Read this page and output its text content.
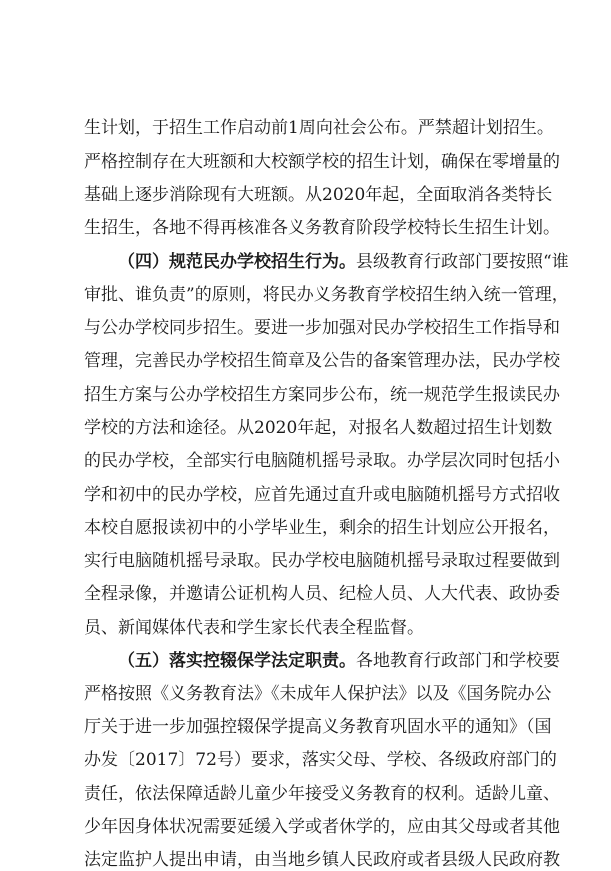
生计划，于招生工作启动前1周向社会公布。严禁超计划招生。
严格控制存在大班额和大校额学校的招生计划，确保在零增量的
基础上逐步消除现有大班额。从2020年起，全面取消各类特长
生招生，各地不得再核准各义务教育阶段学校特长生招生计划。
（四）规范民办学校招生行为。县级教育行政部门要按照“谁
审批、谁负责”的原则，将民办义务教育学校招生纳入统一管理，
与公办学校同步招生。要进一步加强对民办学校招生工作指导和
管理，完善民办学校招生简章及公告的备案管理办法，民办学校
招生方案与公办学校招生方案同步公布，统一规范学生报读民办
学校的方法和途径。从2020年起，对报名人数超过招生计划数
的民办学校，全部实行电脑随机摇号录取。办学层次同时包括小
学和初中的民办学校，应首先通过直升或电脑随机摇号方式招收
本校自愿报读初中的小学毕业生，剩余的招生计划应公开报名，
实行电脑随机摇号录取。民办学校电脑随机摇号录取过程要做到
全程录像，并邀请公证机构人员、纪检人员、人大代表、政协委
员、新闻媒体代表和学生家长代表全程监督。
（五）落实控辍保学法定职责。各地教育行政部门和学校要
严格按照《义务教育法》《未成年人保护法》以及《国务院办公
厅关于进一步加强控辍保学提高义务教育巩固水平的通知》（国
办发〔2017〕72号）要求，落实父母、学校、各级政府部门的
责任，依法保障适龄儿童少年接受义务教育的权利。适龄儿童、
少年因身体状况需要延缓入学或者休学的，应由其父母或者其他
法定监护人提出申请，由当地乡镇人民政府或者县级人民政府教
